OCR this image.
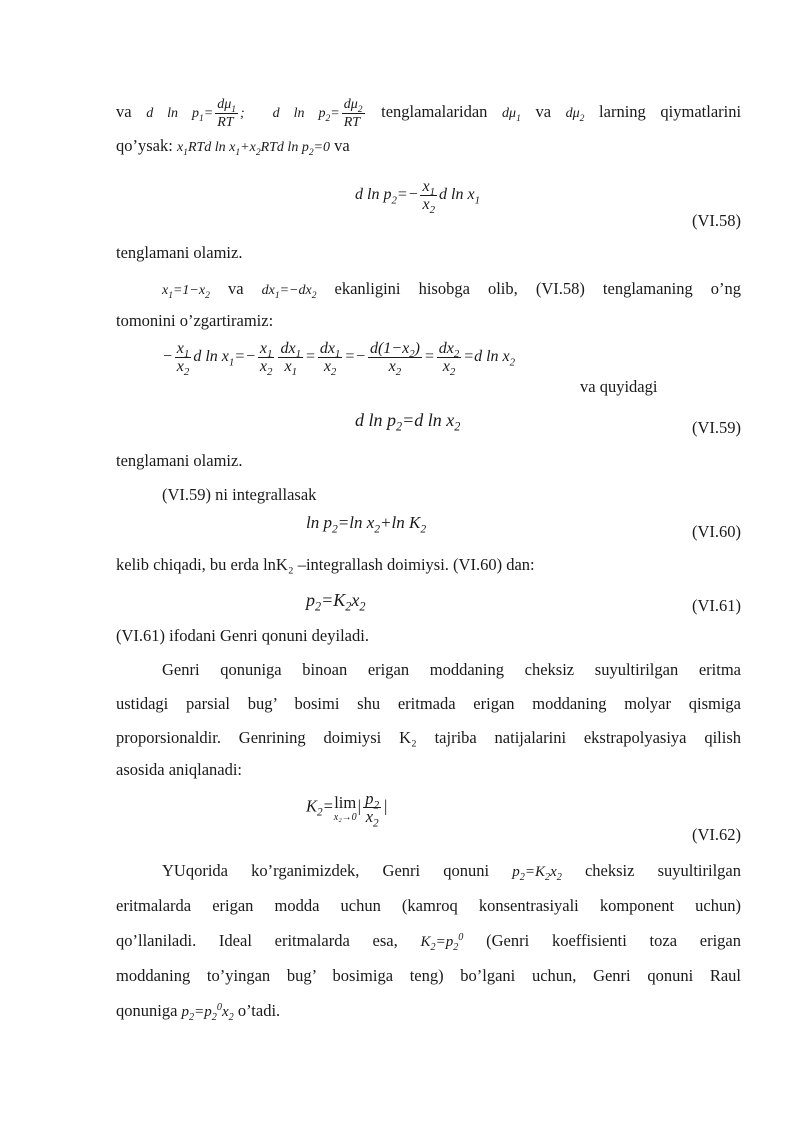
va d $\ln p_1= \frac{d\mu_1}{RT}$ ;  d $\ln p_2= \frac{d\mu_2}{RT}$ tenglamalaridan $d\mu_1$ va $d\mu_2$ larning qiymatlarini
qo’ysak: $x_1RTd$ $\ln x_1+x_2RTd$ $\ln p_2=0$ va
d $\ln p_2=- \frac{x_1}{x_2}$ d $\ln x_1$
(VI.58)
tenglamani olamiz.
$x_1=1-x_2$ va $dx_1=-dx_2$ ekanligini hisobga olib, (VI.58) tenglamaning o’ng
tomonini o’zgartiramiz:
− $\frac{x_1}{x_2}$ d $\ln x_1=- \frac{x_1}{x_2} \frac{dx_1}{x_1} = \frac{dx_1}{x_2} =- \frac{d(1-x_2)}{x_2} = \frac{dx_2}{x_2} =d$ $\ln x_2$
va quyidagi
d $\ln p_2=d$ $\ln x_2$	(VI.59)
tenglamani olamiz.
(VI.59) ni integrallasak
$\ln p_2=\ln$ $x_2+\ln$ $K_2$	(VI.60)
kelib chiqadi, bu erda lnK₂ –integrallash doimiysi. (VI.60) dan:
$p_2=K_2x_2$	(VI.61)
(VI.61) ifodani Genri qonuni deyiladi.
Genri qonuniga binoan erigan moddaning cheksiz suyultirilgan eritma
ustidagi parsial bug’ bosimi shu eritmada erigan moddaning molyar qismiga
proporsionaldir. Genrining doimiysi K₂ tajriba natijalarini ekstrapolyasiya qilish
asosida aniqlanadi:
$K_2=\lim$
x₂→0
| $\frac{p_2}{x_2}$ |
(VI.62)
YUqorida ko’rganimizdek, Genri qonuni $p_2=K_2x_2$ cheksiz suyultirilgan
eritmalarda erigan modda uchun (kamroq konsentrasiyali komponent uchun)
qo’llaniladi. Ideal eritmalarda esa, $K_2=p_2^0$ (Genri koeffisienti toza erigan
moddaning to’yingan bug’ bosimiga teng) bo’lgani uchun, Genri qonuni Raul
qonuniga $p_2=p_2^0x_2$ o’tadi.
